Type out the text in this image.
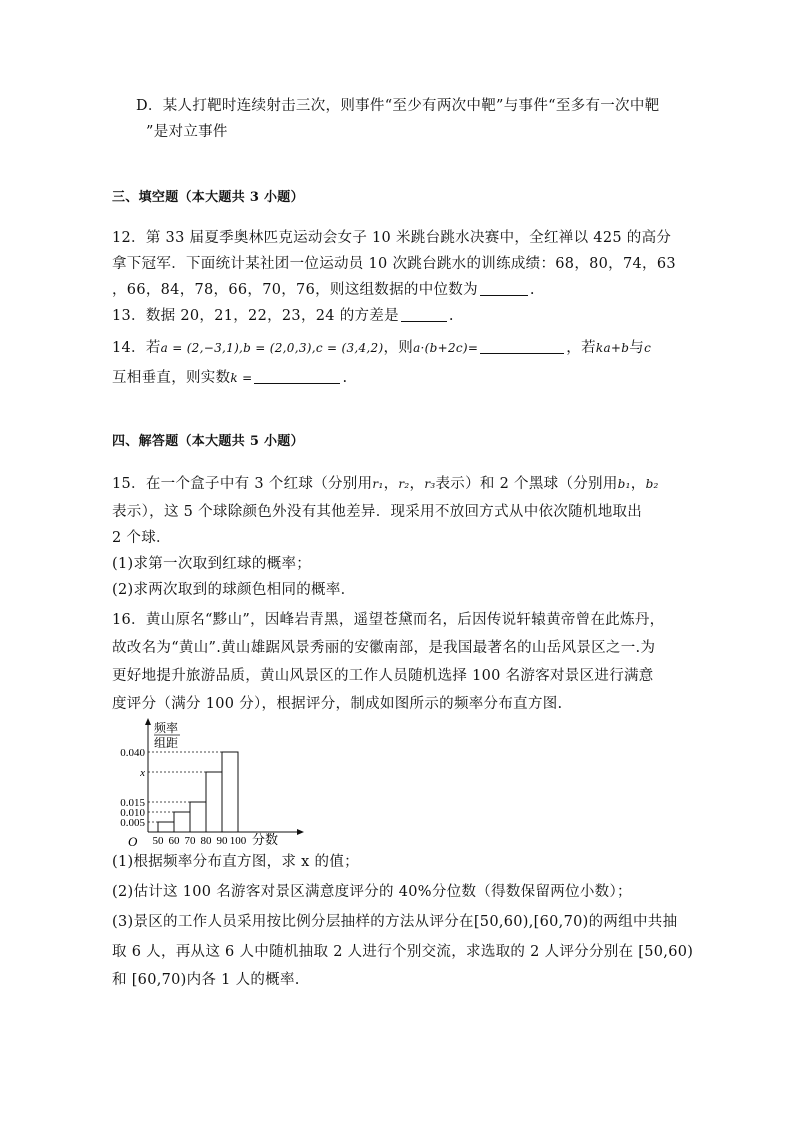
D．某人打靶时连续射击三次，则事件“至少有两次中靶”与事件“至多有一次中靶
”是对立事件
三、填空题（本大题共 3 小题）
12．第 33 届夏季奥林匹克运动会女子 10 米跳台跳水决赛中，全红禅以 425 的高分
拿下冠军．下面统计某社团一位运动员 10 次跳台跳水的训练成绩：68，80，74，63
，66，84，78，66，70，76，则这组数据的中位数为	.
13．数据 20，21，22，23，24 的方差是	.
14．若a = (2,−3,1),b = (2,0,3),c = (3,4,2)，则a·(b+2c)=	，若ka+b与c
互相垂直，则实数k =	.
四、解答题（本大题共 5 小题）
15．在一个盒子中有 3 个红球（分别用r₁，r₂，r₃表示）和 2 个黑球（分别用b₁，b₂
表示），这 5 个球除颜色外没有其他差异．现采用不放回方式从中依次随机地取出
2 个球．
(1)求第一次取到红球的概率；
(2)求两次取到的球颜色相同的概率．
16．黄山原名“黟山”，因峰岩青黑，遥望苍黛而名，后因传说轩辕黄帝曾在此炼丹，
故改名为“黄山”.黄山雄踞风景秀丽的安徽南部，是我国最著名的山岳风景区之一.为
更好地提升旅游品质，黄山风景区的工作人员随机选择 100 名游客对景区进行满意
度评分（满分 100 分），根据评分，制成如图所示的频率分布直方图.
频率
组距
分数
O
0.005
0.010
0.015
x
0.040
50 60 70 80 90 100
(1)根据频率分布直方图，求 x 的值；
(2)估计这 100 名游客对景区满意度评分的 40%分位数（得数保留两位小数）；
(3)景区的工作人员采用按比例分层抽样的方法从评分在[50,60),[60,70)的两组中共抽
取 6 人，再从这 6 人中随机抽取 2 人进行个别交流，求选取的 2 人评分分别在 [50,60)
和 [60,70)内各 1 人的概率.
